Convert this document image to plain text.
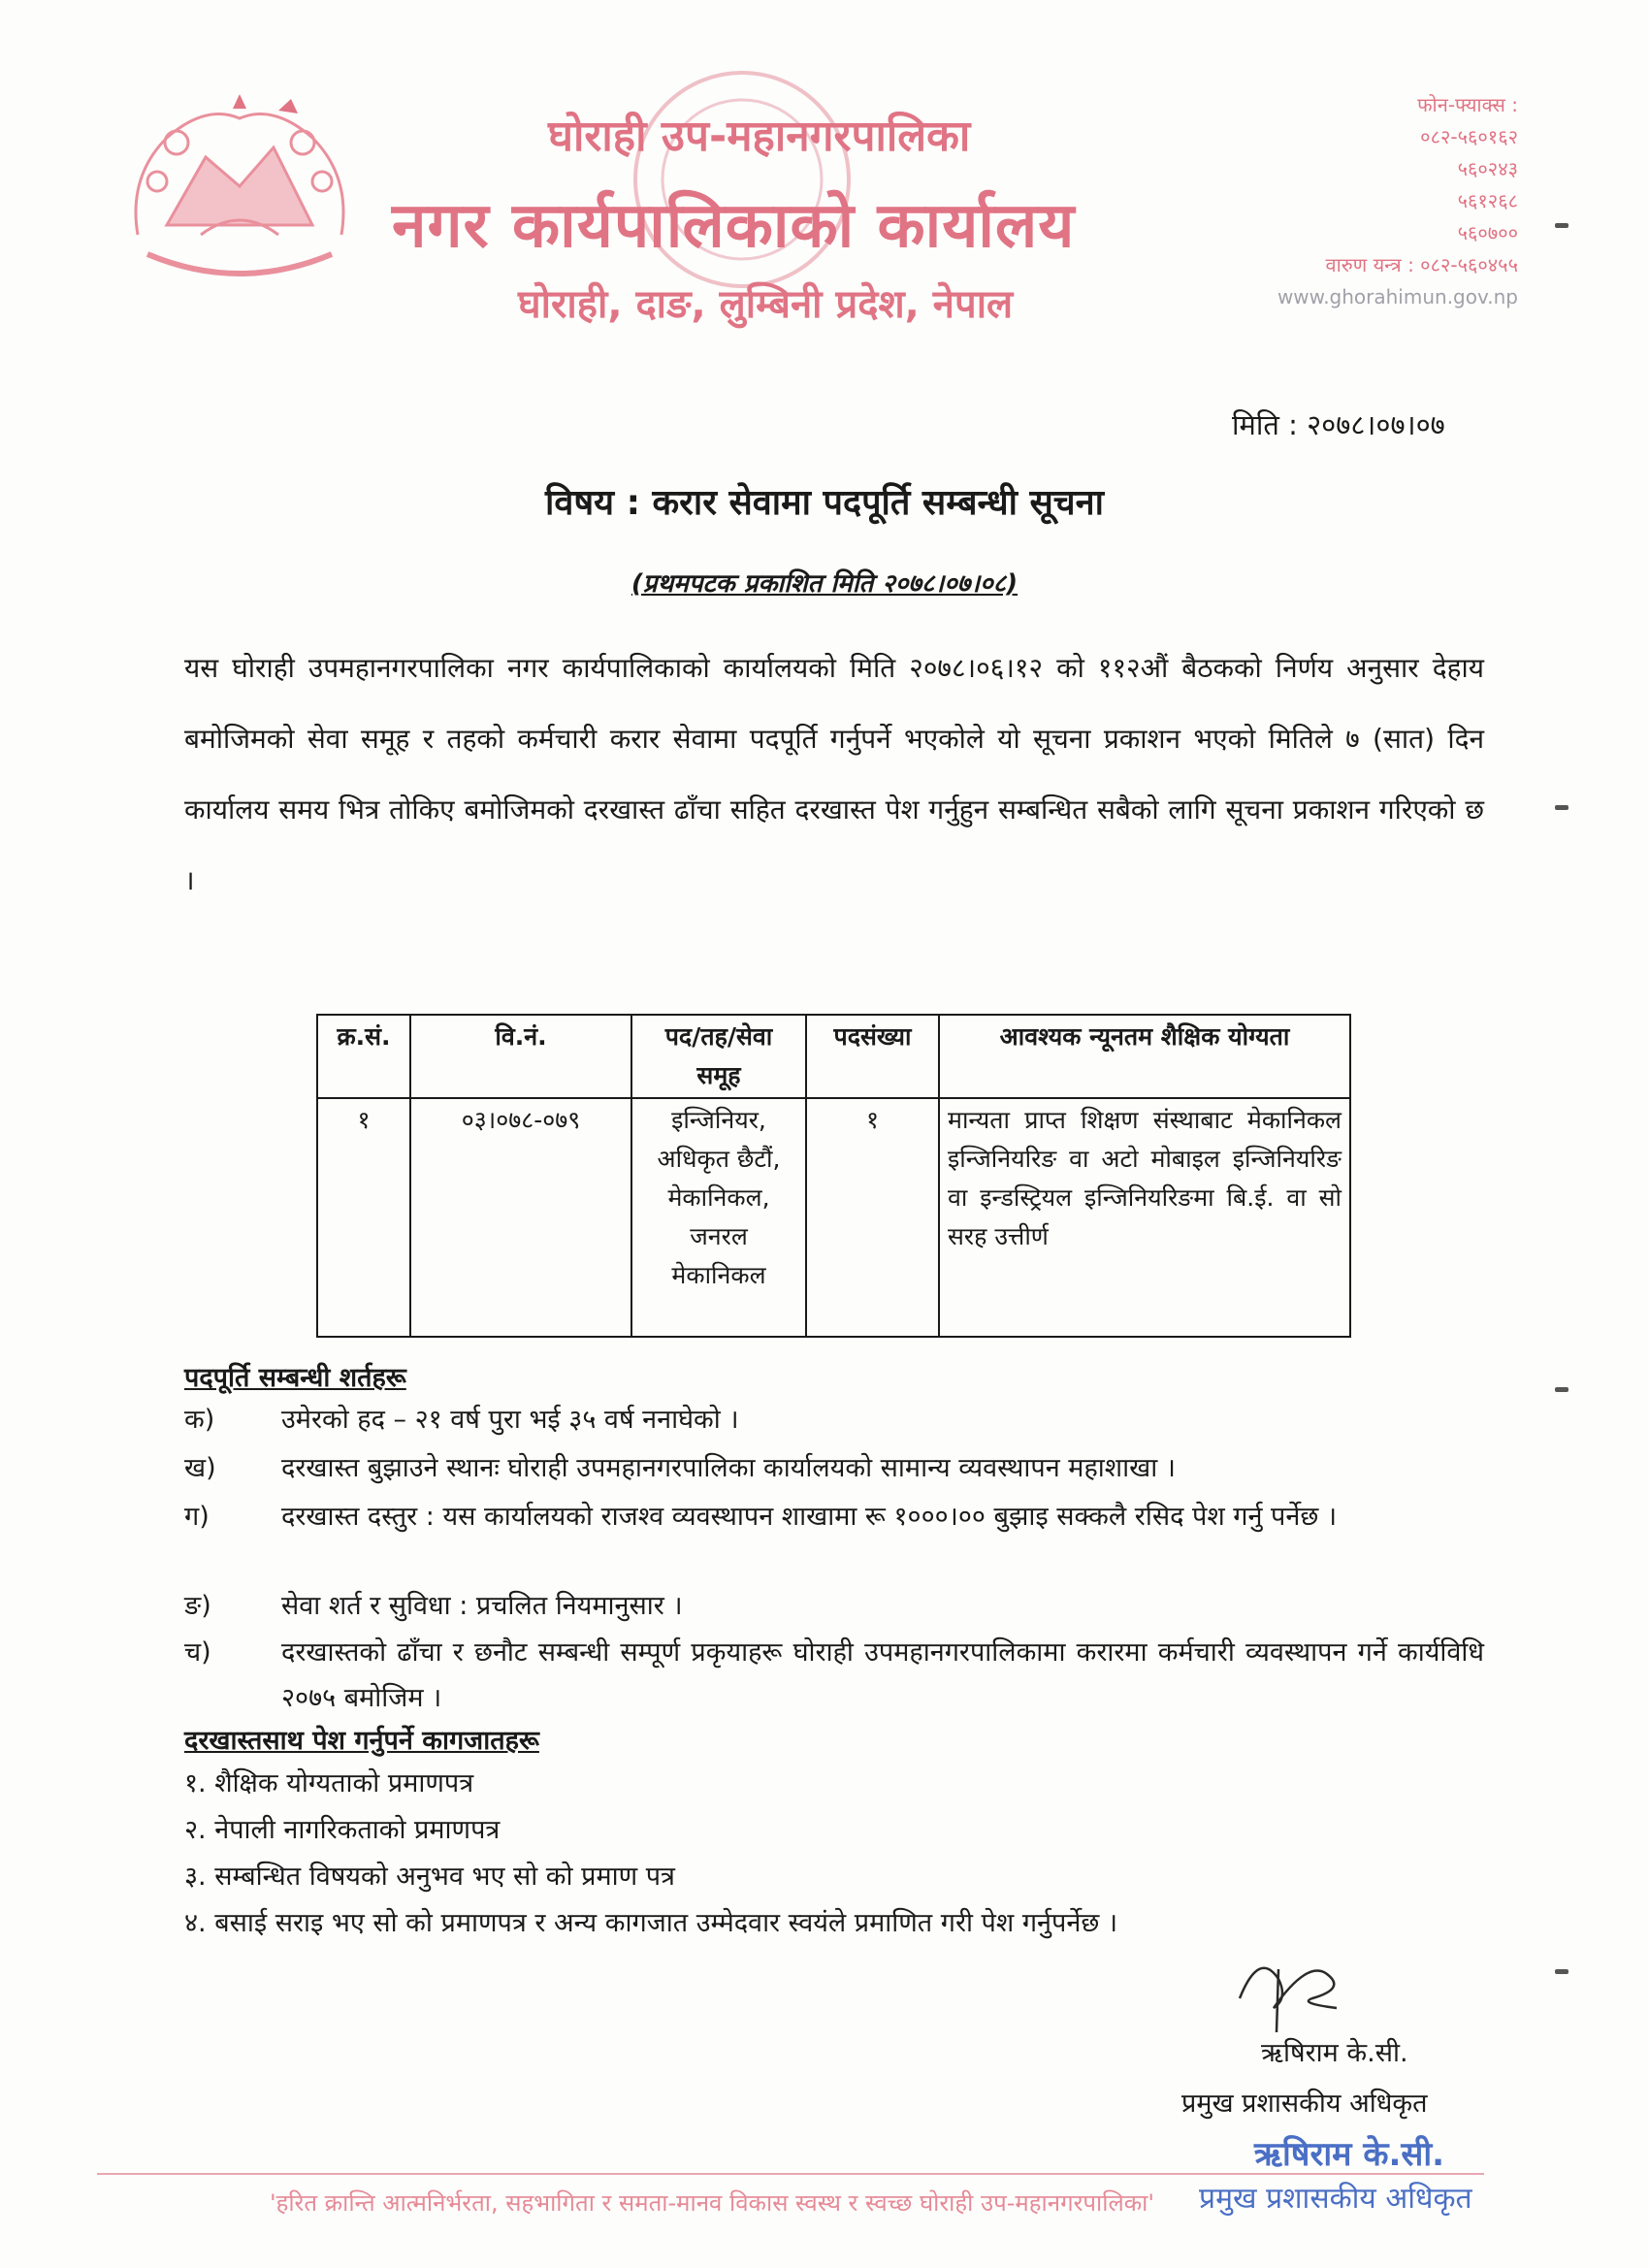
घोराही उप-महानगरपालिका
नगर कार्यपालिकाको कार्यालय
घोराही, दाङ, लुम्बिनी प्रदेश, नेपाल
फोन-फ्याक्स :
०८२-५६०१६२
५६०२४३
५६१२६८
५६०७००
वारुण यन्त्र : ०८२-५६०४५५
www.ghorahimun.gov.np
मिति : २०७८।०७।०७
विषय : करार सेवामा पदपूर्ति सम्बन्धी सूचना
(प्रथमपटक प्रकाशित मिति २०७८।०७।०८)
यस घोराही उपमहानगरपालिका नगर कार्यपालिकाको कार्यालयको मिति २०७८।०६।१२ को ११२औं बैठकको निर्णय अनुसार देहाय बमोजिमको सेवा समूह र तहको कर्मचारी करार सेवामा पदपूर्ति गर्नुपर्ने भएकोले यो सूचना प्रकाशन भएको मितिले ७ (सात) दिन कार्यालय समय भित्र तोकिए बमोजिमको दरखास्त ढाँचा सहित दरखास्त पेश गर्नुहुन सम्बन्धित सबैको लागि सूचना प्रकाशन गरिएको छ ।
क्र.सं.	वि.नं.	पद/तह/सेवा समूह	पदसंख्या	आवश्यक न्यूनतम शैक्षिक योग्यता
१	०३।०७८-०७९	इन्जिनियर, अधिकृत छैटौं, मेकानिकल, जनरल मेकानिकल	१	मान्यता प्राप्त शिक्षण संस्थाबाट मेकानिकल इन्जिनियरिङ वा अटो मोबाइल इन्जिनियरिङ वा इन्डस्ट्रियल इन्जिनियरिङमा बि.ई. वा सो सरह उत्तीर्ण
पदपूर्ति सम्बन्धी शर्तहरू
क)	उमेरको हद – २१ वर्ष पुरा भई ३५ वर्ष ननाघेको ।
ख)	दरखास्त बुझाउने स्थानः घोराही उपमहानगरपालिका कार्यालयको सामान्य व्यवस्थापन महाशाखा ।
ग)	दरखास्त दस्तुर : यस कार्यालयको राजश्व व्यवस्थापन शाखामा रू १०००।०० बुझाइ सक्कलै रसिद पेश गर्नु पर्नेछ ।
ङ)	सेवा शर्त र सुविधा : प्रचलित नियमानुसार ।
च)	दरखास्तको ढाँचा र छनौट सम्बन्धी सम्पूर्ण प्रकृयाहरू घोराही उपमहानगरपालिकामा करारमा कर्मचारी व्यवस्थापन गर्ने कार्यविधि २०७५ बमोजिम ।
दरखास्तसाथ पेश गर्नुपर्ने कागजातहरू
१. शैक्षिक योग्यताको प्रमाणपत्र
२. नेपाली नागरिकताको प्रमाणपत्र
३. सम्बन्धित विषयको अनुभव भए सो को प्रमाण पत्र
४. बसाई सराइ भए सो को प्रमाणपत्र र अन्य कागजात उम्मेदवार स्वयंले प्रमाणित गरी पेश गर्नुपर्नेछ ।
ऋषिराम के.सी.
प्रमुख प्रशासकीय अधिकृत
ऋषिराम के.सी.
'हरित क्रान्ति आत्मनिर्भरता, सहभागिता र समता-मानव विकास स्वस्थ र स्वच्छ घोराही उप-महानगरपालिका' प्रमुख प्रशासकीय अधिकृत
